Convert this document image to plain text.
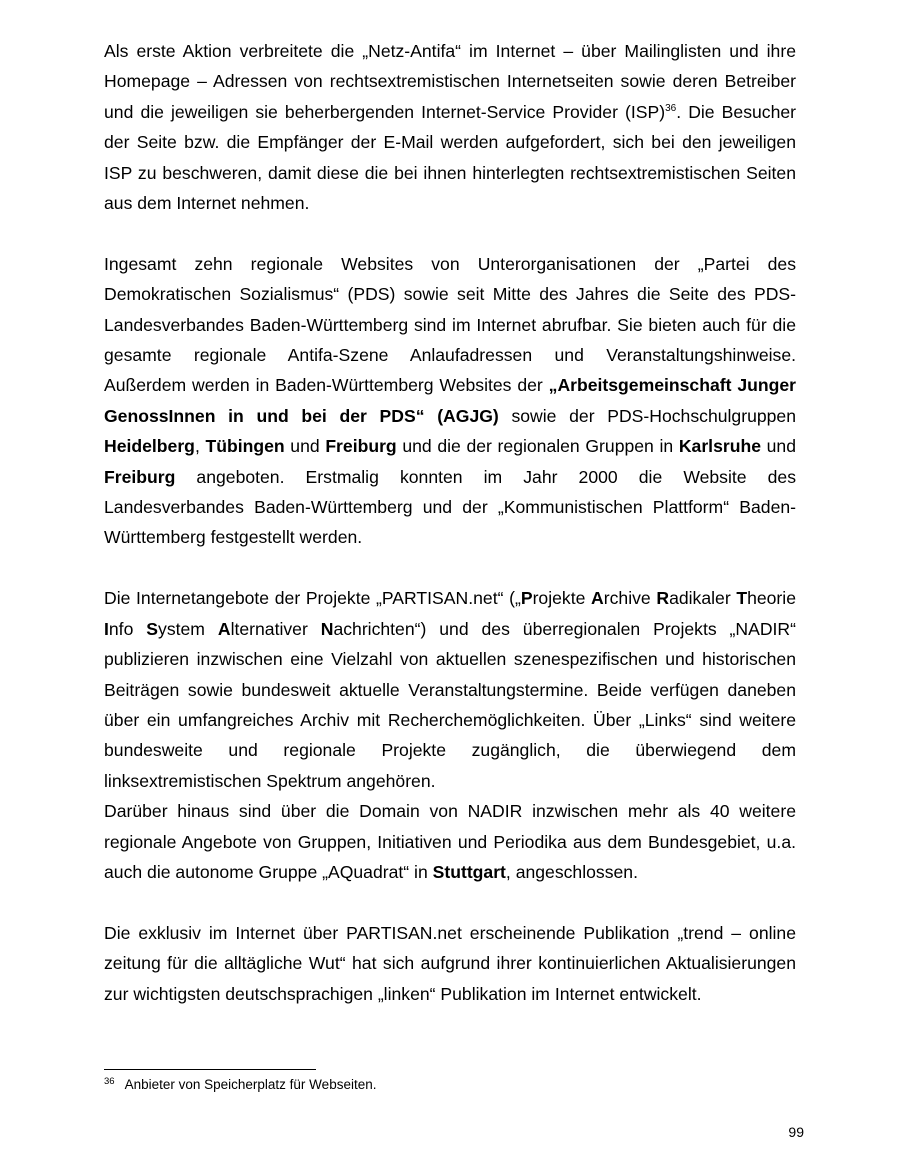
Als erste Aktion verbreitete die „Netz-Antifa“ im Internet – über Mailinglisten und ihre
Homepage – Adressen von rechtsextremistischen Internetseiten sowie deren Betreiber
und die jeweiligen sie beherbergenden Internet-Service Provider (ISP)$^{36}$. Die Besucher
der Seite bzw. die Empfänger der E-Mail werden aufgefordert, sich bei den jeweiligen
ISP zu beschweren, damit diese die bei ihnen hinterlegten rechtsextremistischen Seiten
aus dem Internet nehmen.

Ingesamt zehn regionale Websites von Unterorganisationen der „Partei des
Demokratischen Sozialismus“ (PDS) sowie seit Mitte des Jahres die Seite des PDS-
Landesverbandes Baden-Württemberg sind im Internet abrufbar. Sie bieten auch für die
gesamte regionale Antifa-Szene Anlaufadressen und Veranstaltungshinweise.
Außerdem werden in Baden-Württemberg Websites der „Arbeitsgemeinschaft Junger
GenossInnen in und bei der PDS“ (AGJG) sowie der PDS-Hochschulgruppen
Heidelberg, Tübingen und Freiburg und die der regionalen Gruppen in Karlsruhe und
Freiburg angeboten. Erstmalig konnten im Jahr 2000 die Website des
Landesverbandes Baden-Württemberg und der „Kommunistischen Plattform“ Baden-
Württemberg festgestellt werden.

Die Internetangebote der Projekte „PARTISAN.net“ („Projekte Archive Radikaler Theorie
Info System Alternativer Nachrichten“) und des überregionalen Projekts „NADIR“
publizieren inzwischen eine Vielzahl von aktuellen szenespezifischen und historischen
Beiträgen sowie bundesweit aktuelle Veranstaltungstermine. Beide verfügen daneben
über ein umfangreiches Archiv mit Recherchemöglichkeiten. Über „Links“ sind weitere
bundesweite und regionale Projekte zugänglich, die überwiegend dem
linksextremistischen Spektrum angehören.

Darüber hinaus sind über die Domain von NADIR inzwischen mehr als 40 weitere
regionale Angebote von Gruppen, Initiativen und Periodika aus dem Bundesgebiet, u.a.
auch die autonome Gruppe „AQuadrat“ in Stuttgart, angeschlossen.

Die exklusiv im Internet über PARTISAN.net erscheinende Publikation „trend – online
zeitung für die alltägliche Wut“ hat sich aufgrund ihrer kontinuierlichen Aktualisierungen
zur wichtigsten deutschsprachigen „linken“ Publikation im Internet entwickelt.

$^{36}$ Anbieter von Speicherplatz für Webseiten.
99
